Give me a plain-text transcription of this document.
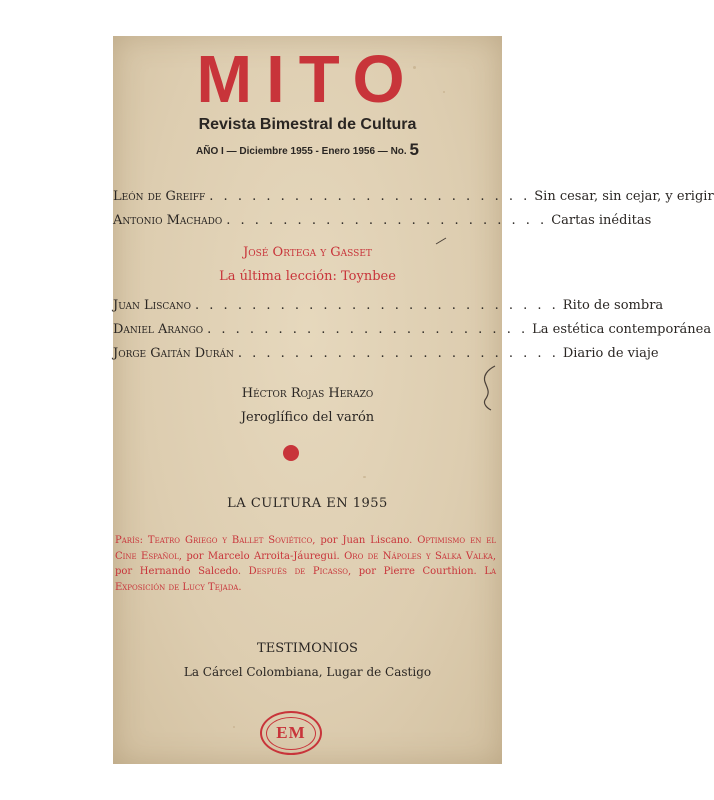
MITO
Revista Bimestral de Cultura
AÑO I — Diciembre 1955 - Enero 1956 — No. 5
León de Greiff . . . . . . . . . . . . . . . . . . . . . . . Sin cesar, sin cejar, y erigir
Antonio Machado . . . . . . . . . . . . . . . . . . . . . . . Cartas inéditas
José Ortega y Gasset
La última lección: Toynbee
Juan Liscano . . . . . . . . . . . . . . . . . . . . . . . . . . Rito de sombra
Daniel Arango . . . . . . . . . . . . . . . . . . . . . . . La estética contemporánea
Jorge Gaitán Durán . . . . . . . . . . . . . . . . . . . . . . . Diario de viaje
Héctor Rojas Herazo
Jeroglífico del varón
LA CULTURA EN 1955
París: Teatro Griego y Ballet Soviético, por Juan Liscano. Optimismo en el Cine Español, por Marcelo Arroita-Jáuregui. Oro de Nápoles y Salka Valka, por Hernando Salcedo. Después de Picasso, por Pierre Courthion. La Exposición de Lucy Tejada.
TESTIMONIOS
La Cárcel Colombiana, Lugar de Castigo
EM
